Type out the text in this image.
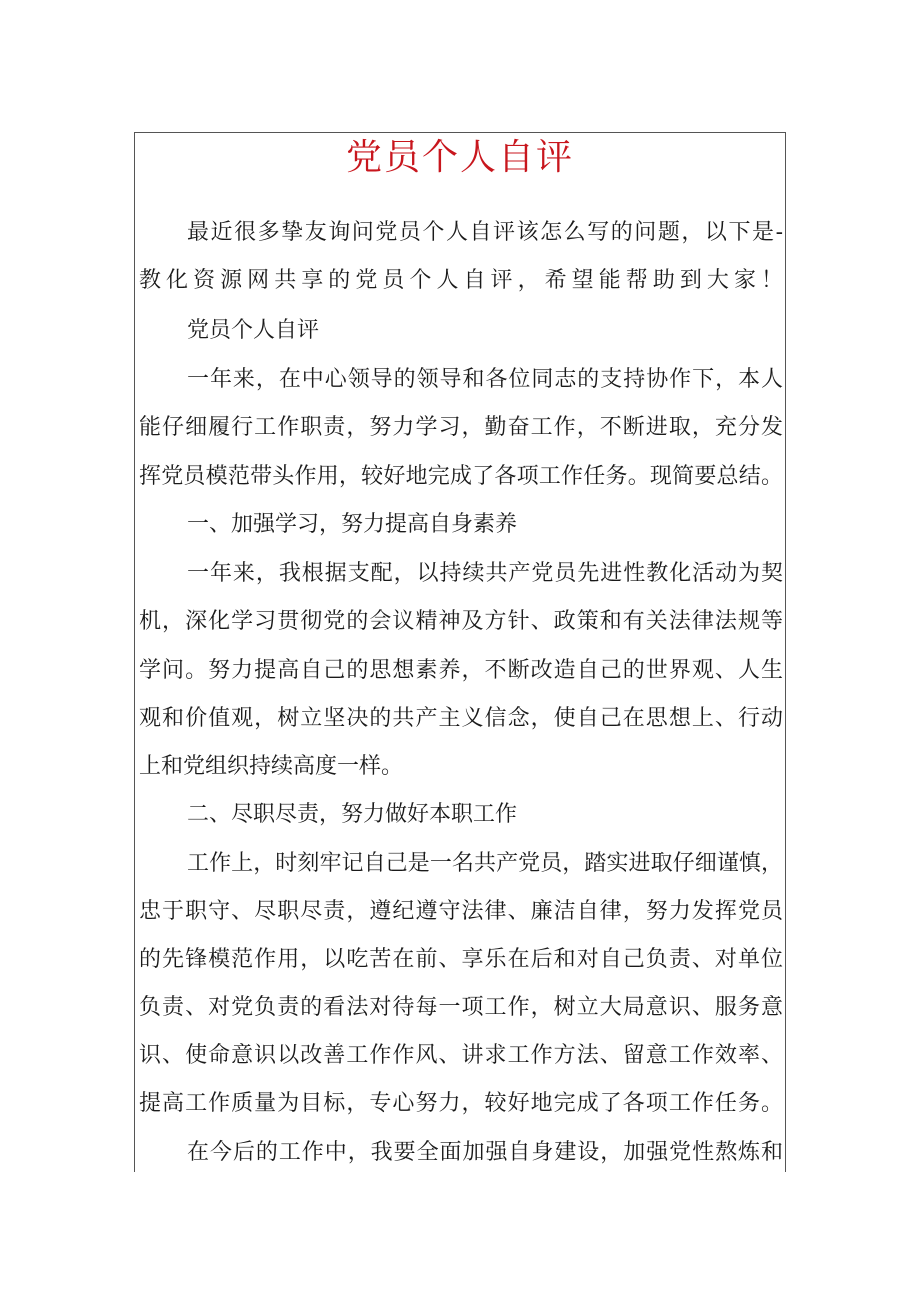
党员个人自评

最近很多挚友询问党员个人自评该怎么写的问题，以下是-

教化资源网共享的党员个人自评，希望能帮助到大家！

党员个人自评

一年来，在中心领导的领导和各位同志的支持协作下，本人

能仔细履行工作职责，努力学习，勤奋工作，不断进取，充分发

挥党员模范带头作用，较好地完成了各项工作任务。现简要总结。

一、加强学习，努力提高自身素养

一年来，我根据支配，以持续共产党员先进性教化活动为契

机，深化学习贯彻党的会议精神及方针、政策和有关法律法规等

学问。努力提高自己的思想素养，不断改造自己的世界观、人生

观和价值观，树立坚决的共产主义信念，使自己在思想上、行动

上和党组织持续高度一样。

二、尽职尽责，努力做好本职工作

工作上，时刻牢记自己是一名共产党员，踏实进取仔细谨慎，

忠于职守、尽职尽责，遵纪遵守法律、廉洁自律，努力发挥党员

的先锋模范作用，以吃苦在前、享乐在后和对自己负责、对单位

负责、对党负责的看法对待每一项工作，树立大局意识、服务意

识、使命意识以改善工作作风、讲求工作方法、留意工作效率、

提高工作质量为目标，专心努力，较好地完成了各项工作任务。

在今后的工作中，我要全面加强自身建设，加强党性熬炼和
